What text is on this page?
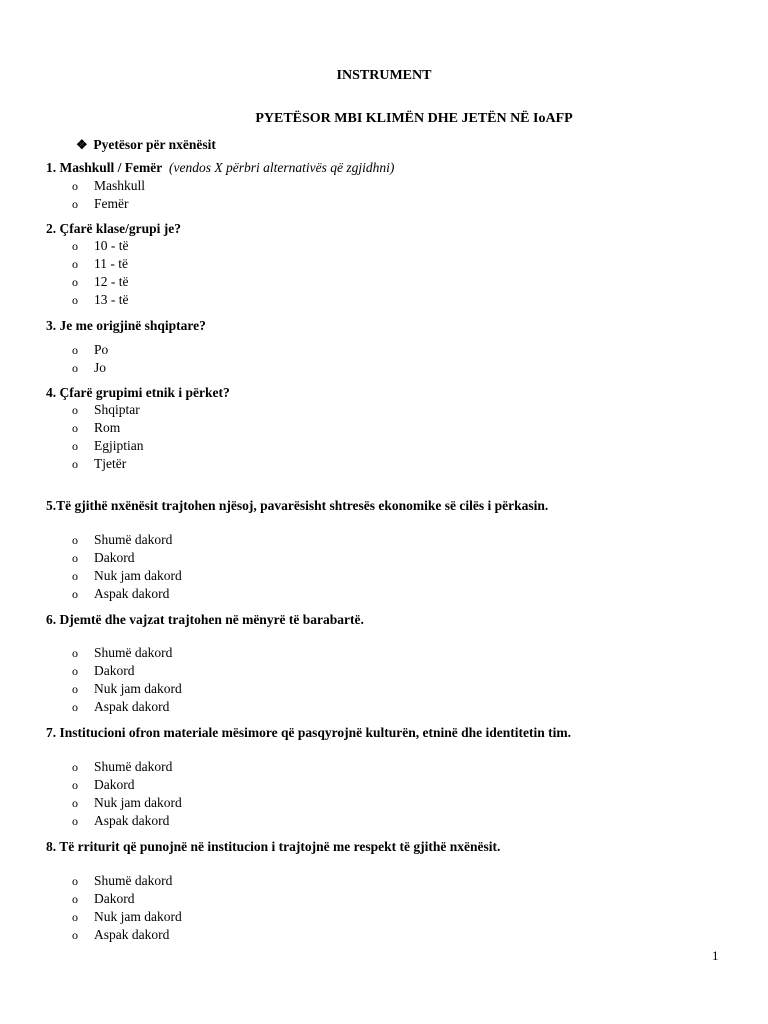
INSTRUMENT
PYETËSOR MBI KLIMËN DHE JETËN NË IoAFP
❖ Pyetësor për nxënësit
1. Mashkull / Femër (vendos X përbri alternativës që zgjidhni)
o Mashkull
o Femër
2. Çfarë klase/grupi je?
o 10 - të
o 11 - të
o 12 - të
o 13 - të
3. Je me origjinë shqiptare?
o Po
o Jo
4. Çfarë grupimi etnik i përket?
o Shqiptar
o Rom
o Egjiptian
o Tjetër
5.Të gjithë nxënësit trajtohen njësoj, pavarësisht shtresës ekonomike së cilës i përkasin.
o Shumë dakord
o Dakord
o Nuk jam dakord
o Aspak dakord
6. Djemtë dhe vajzat trajtohen në mënyrë të barabartë.
o Shumë dakord
o Dakord
o Nuk jam dakord
o Aspak dakord
7. Institucioni ofron materiale mësimore që pasqyrojnë kulturën, etninë dhe identitetin tim.
o Shumë dakord
o Dakord
o Nuk jam dakord
o Aspak dakord
8. Të rriturit që punojnë në institucion i trajtojnë me respekt të gjithë nxënësit.
o Shumë dakord
o Dakord
o Nuk jam dakord
o Aspak dakord
1
